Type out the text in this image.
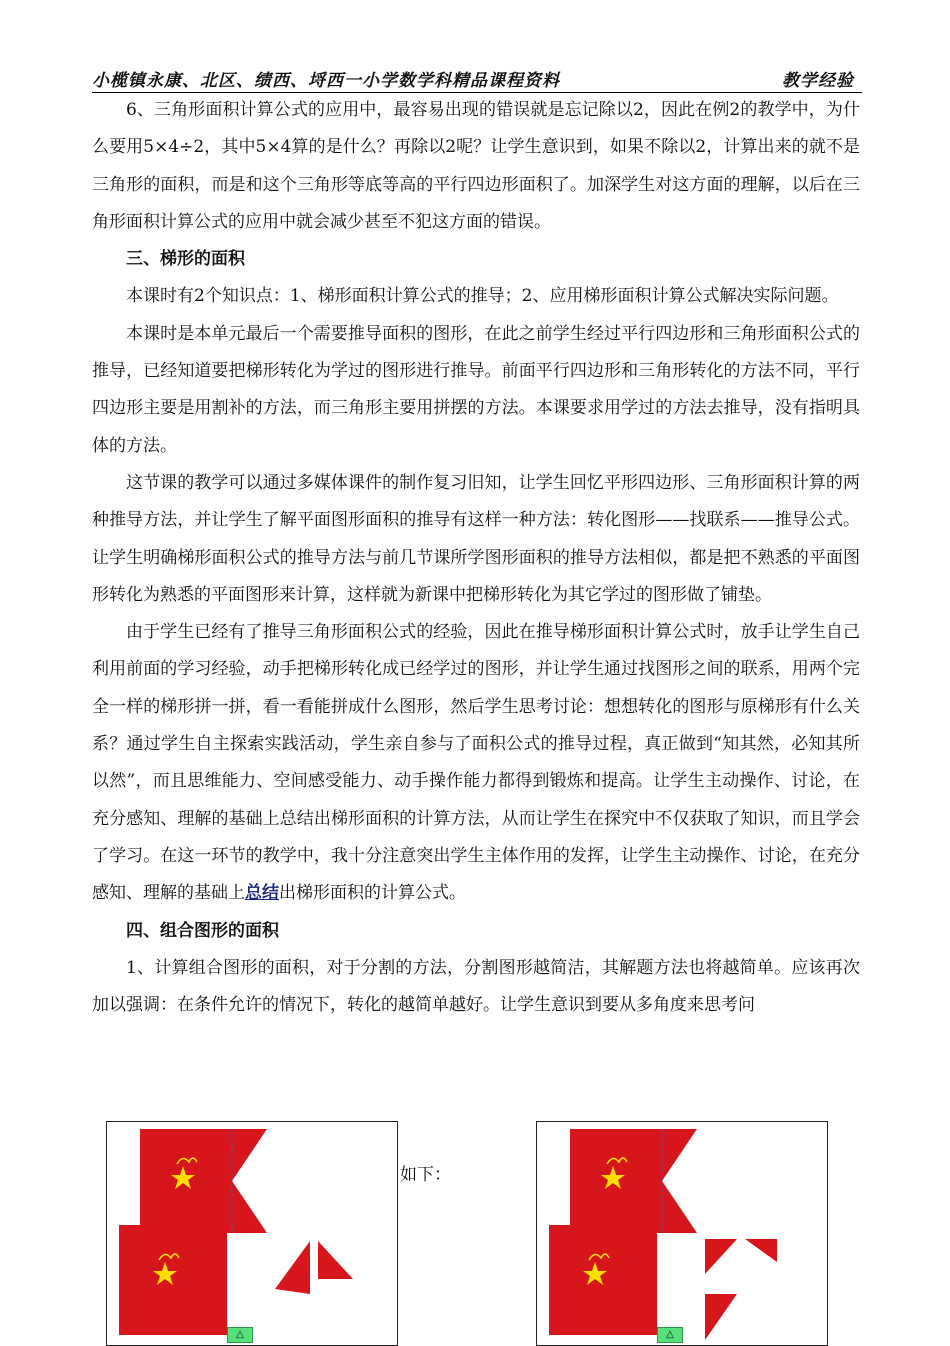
小榄镇永康、北区、绩西、埒西一小学数学科精品课程资料	教学经验

6、三角形面积计算公式的应用中，最容易出现的错误就是忘记除以2，因此在例2的教学中，为什么要用5×4÷2，其中5×4算的是什么？再除以2呢？让学生意识到，如果不除以2，计算出来的就不是三角形的面积，而是和这个三角形等底等高的平行四边形面积了。加深学生对这方面的理解，以后在三角形面积计算公式的应用中就会减少甚至不犯这方面的错误。

三、梯形的面积

本课时有2个知识点：1、梯形面积计算公式的推导；2、应用梯形面积计算公式解决实际问题。

本课时是本单元最后一个需要推导面积的图形，在此之前学生经过平行四边形和三角形面积公式的推导，已经知道要把梯形转化为学过的图形进行推导。前面平行四边形和三角形转化的方法不同，平行四边形主要是用割补的方法，而三角形主要用拼摆的方法。本课要求用学过的方法去推导，没有指明具体的方法。

这节课的教学可以通过多媒体课件的制作复习旧知，让学生回忆平形四边形、三角形面积计算的两种推导方法，并让学生了解平面图形面积的推导有这样一种方法：转化图形——找联系——推导公式。让学生明确梯形面积公式的推导方法与前几节课所学图形面积的推导方法相似，都是把不熟悉的平面图形转化为熟悉的平面图形来计算，这样就为新课中把梯形转化为其它学过的图形做了铺垫。

由于学生已经有了推导三角形面积公式的经验，因此在推导梯形面积计算公式时，放手让学生自己利用前面的学习经验，动手把梯形转化成已经学过的图形，并让学生通过找图形之间的联系，用两个完全一样的梯形拼一拼，看一看能拼成什么图形，然后学生思考讨论：想想转化的图形与原梯形有什么关系？通过学生自主探索实践活动，学生亲自参与了面积公式的推导过程，真正做到“知其然，必知其所以然”，而且思维能力、空间感受能力、动手操作能力都得到锻炼和提高。让学生主动操作、讨论，在充分感知、理解的基础上总结出梯形面积的计算方法，从而让学生在探究中不仅获取了知识，而且学会了学习。在这一环节的教学中，我十分注意突出学生主体作用的发挥，让学生主动操作、讨论，在充分感知、理解的基础上总结出梯形面积的计算公式。

四、组合图形的面积

1、计算组合图形的面积，对于分割的方法，分割图形越简洁，其解题方法也将越简单。应该再次加以强调：在条件允许的情况下，转化的越简单越好。让学生意识到要从多角度来思考问

如下：
△	△
